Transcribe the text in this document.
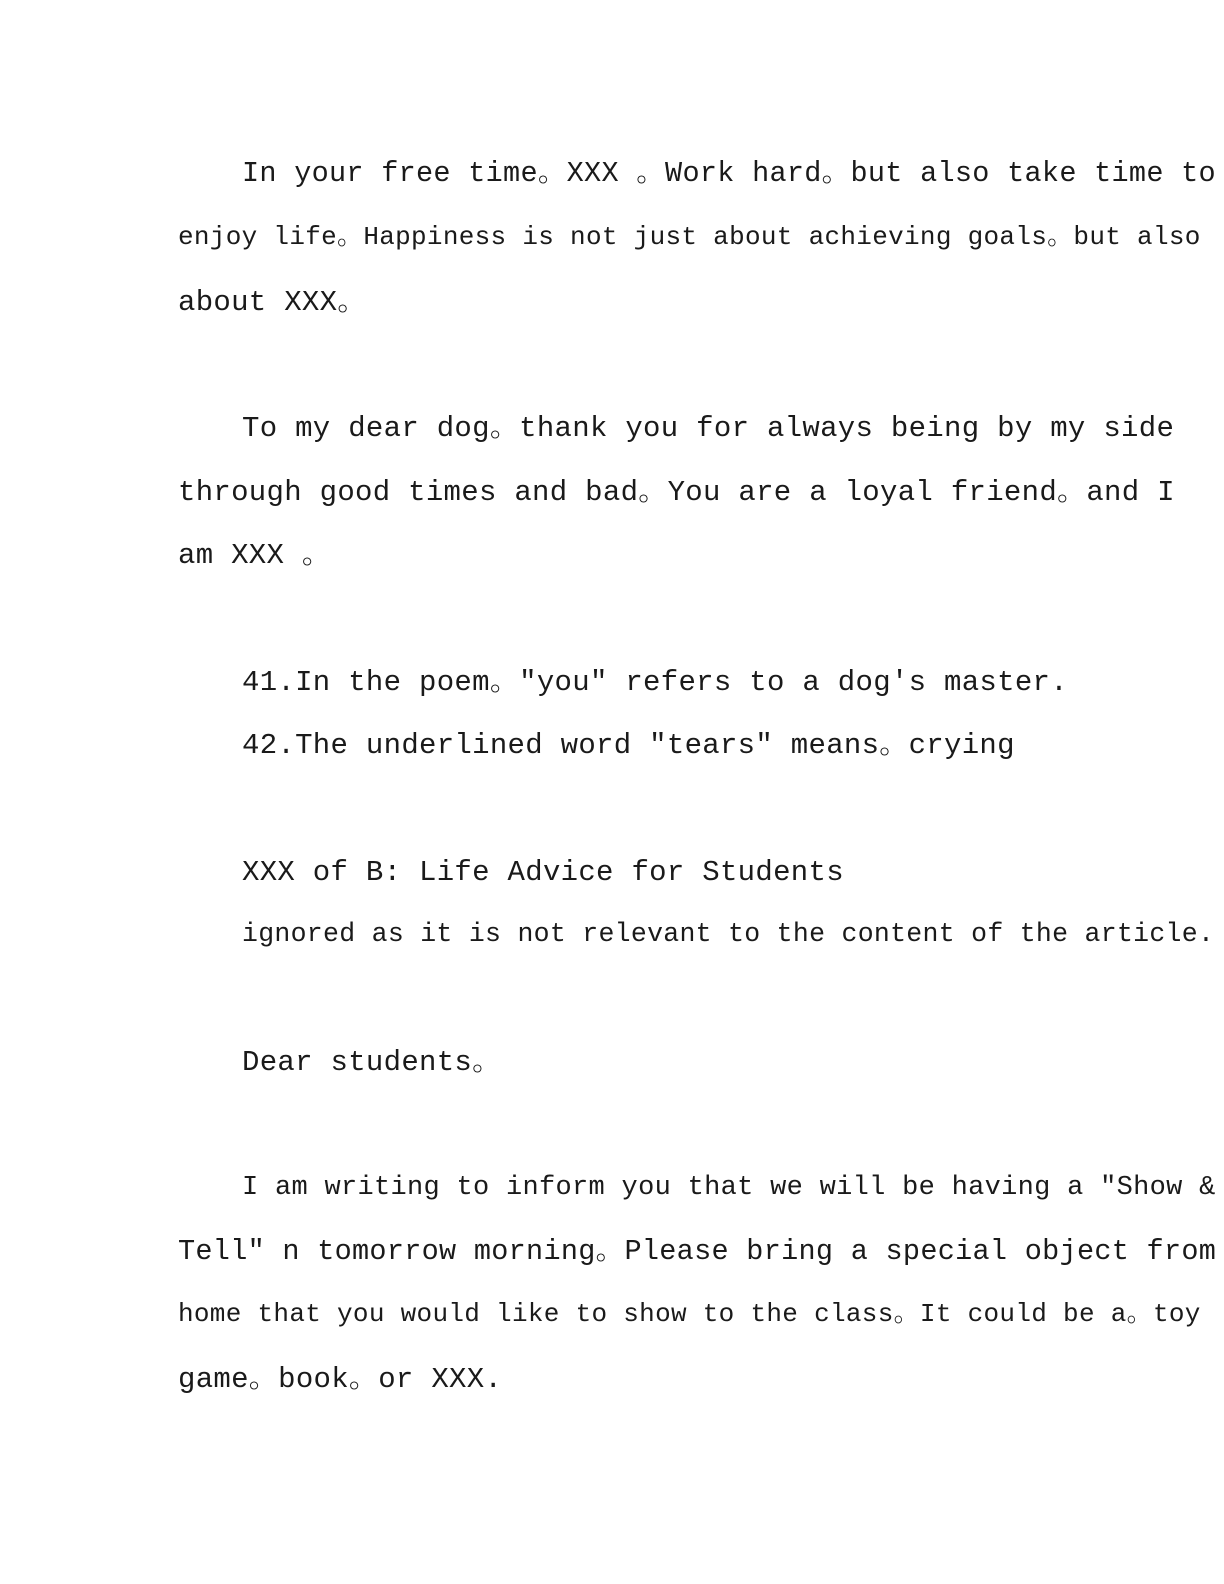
In your free time。XXX 。Work hard。but also take time to
enjoy life。Happiness is not just about achieving goals。but also
about XXX。
To my dear dog。thank you for always being by my side
through good times and bad。You are a loyal friend。and I
am XXX 。
41.In the poem。"you" refers to a dog's master.
42.The underlined word "tears" means。crying
XXX of B: Life Advice for Students
ignored as it is not relevant to the content of the article.
Dear students。
I am writing to inform you that we will be having a "Show &
Tell" n tomorrow morning。Please bring a special object from
home that you would like to show to the class。It could be a。toy
game。book。or XXX.
